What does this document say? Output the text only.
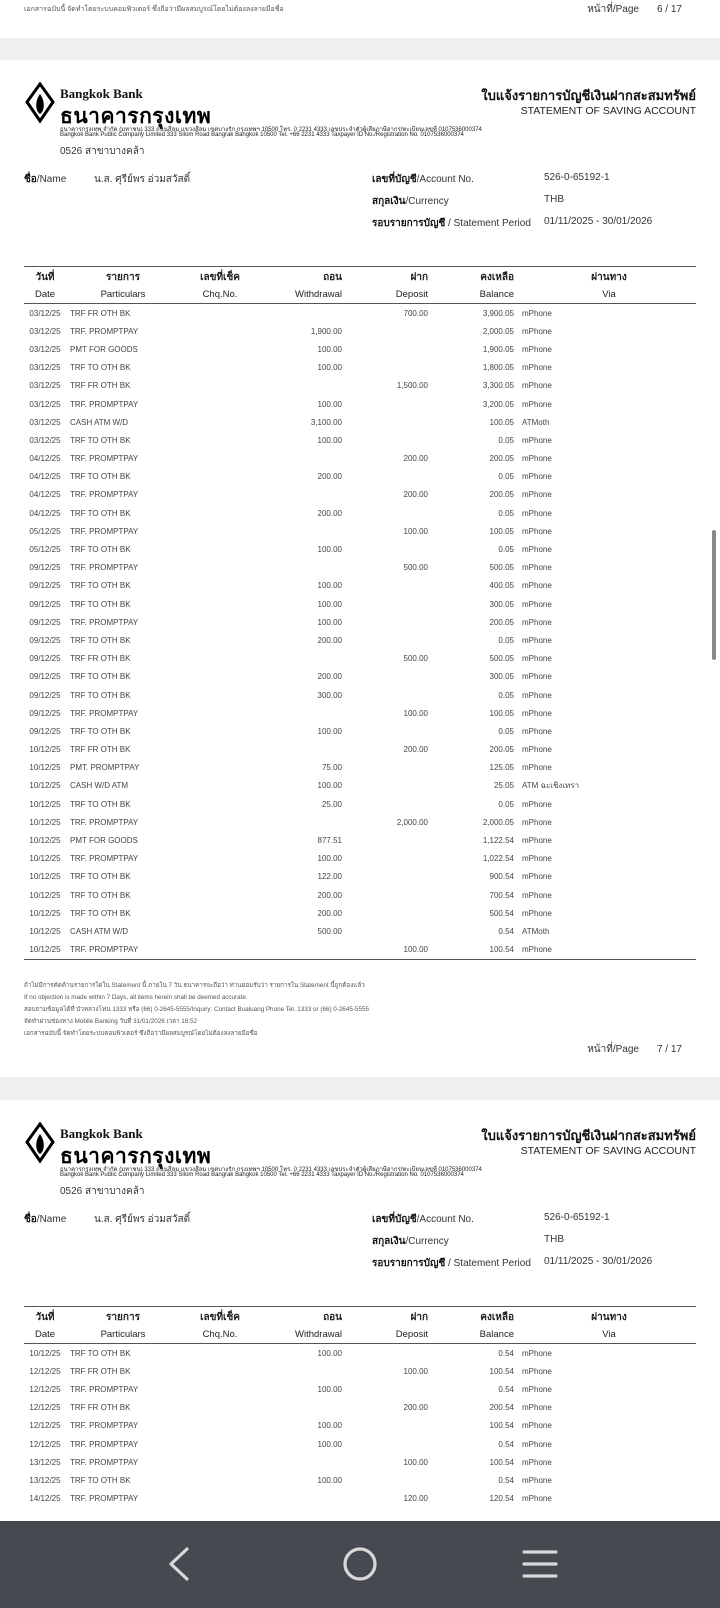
เอกสารฉบับนี้ จัดทำโดยระบบคอมพิวเตอร์ ซึ่งถือว่ามีผลสมบูรณ์โดยไม่ต้องลงลายมือชื่อ	หน้าที่/Page 6 / 17
Bangkok Bank
ธนาคารกรุงเทพ
ธนาคารกรุงเทพ จำกัด (มหาชน) 333 ถนนสีลม แขวงสีลม เขตบางรัก กรุงเทพฯ 10500 โทร. 0 2231 4333 เลขประจำตัวผู้เสียภาษีอากร/ทะเบียนเลขที่ 0107536000374
Bangkok Bank Public Company Limited 333 Silom Road Bangrak Bangkok 10500 Tel. +66 2231 4333 Taxpayer ID No./Registration No. 0107536000374
0526 สาขาบางคล้า
ใบแจ้งรายการบัญชีเงินฝากสะสมทรัพย์
STATEMENT OF SAVING ACCOUNT
ชื่อ/Name	น.ส. ศุรีย์พร อ่วมสวัสดิ์	เลขที่บัญชี/Account No.	526-0-65192-1
สกุลเงิน/Currency	THB
รอบรายการบัญชี / Statement Period 01/11/2025 - 30/01/2026
วันที่	รายการ	เลขที่เช็ค	ถอน	ฝาก	คงเหลือ	ผ่านทาง
Date	Particulars	Chq.No.	Withdrawal	Deposit	Balance	Via
03/12/25	TRF FR OTH BK			700.00	3,900.05	mPhone
03/12/25	TRF. PROMPTPAY		1,900.00		2,000.05	mPhone
03/12/25	PMT FOR GOODS		100.00		1,900.05	mPhone
03/12/25	TRF TO OTH BK		100.00		1,800.05	mPhone
03/12/25	TRF FR OTH BK			1,500.00	3,300.05	mPhone
03/12/25	TRF. PROMPTPAY		100.00		3,200.05	mPhone
03/12/25	CASH ATM W/D		3,100.00		100.05	ATMoth
03/12/25	TRF TO OTH BK		100.00		0.05	mPhone
04/12/25	TRF. PROMPTPAY			200.00	200.05	mPhone
04/12/25	TRF TO OTH BK		200.00		0.05	mPhone
04/12/25	TRF. PROMPTPAY			200.00	200.05	mPhone
04/12/25	TRF TO OTH BK		200.00		0.05	mPhone
05/12/25	TRF. PROMPTPAY			100.00	100.05	mPhone
05/12/25	TRF TO OTH BK		100.00		0.05	mPhone
09/12/25	TRF. PROMPTPAY			500.00	500.05	mPhone
09/12/25	TRF TO OTH BK		100.00		400.05	mPhone
09/12/25	TRF TO OTH BK		100.00		300.05	mPhone
09/12/25	TRF. PROMPTPAY		100.00		200.05	mPhone
09/12/25	TRF TO OTH BK		200.00		0.05	mPhone
09/12/25	TRF FR OTH BK			500.00	500.05	mPhone
09/12/25	TRF TO OTH BK		200.00		300.05	mPhone
09/12/25	TRF TO OTH BK		300.00		0.05	mPhone
09/12/25	TRF. PROMPTPAY			100.00	100.05	mPhone
09/12/25	TRF TO OTH BK		100.00		0.05	mPhone
10/12/25	TRF FR OTH BK			200.00	200.05	mPhone
10/12/25	PMT. PROMPTPAY		75.00		125.05	mPhone
10/12/25	CASH W/D ATM		100.00		25.05	ATM ฉะเชิงเทรา
10/12/25	TRF TO OTH BK		25.00		0.05	mPhone
10/12/25	TRF. PROMPTPAY			2,000.00	2,000.05	mPhone
10/12/25	PMT FOR GOODS		877.51		1,122.54	mPhone
10/12/25	TRF. PROMPTPAY		100.00		1,022.54	mPhone
10/12/25	TRF TO OTH BK		122.00		900.54	mPhone
10/12/25	TRF TO OTH BK		200.00		700.54	mPhone
10/12/25	TRF TO OTH BK		200.00		500.54	mPhone
10/12/25	CASH ATM W/D		500.00		0.54	ATMoth
10/12/25	TRF. PROMPTPAY			100.00	100.54	mPhone
ถ้าไม่มีการคัดค้านรายการใดใน Statement นี้ ภายใน 7 วัน ธนาคารจะถือว่า ท่านยอมรับว่า รายการใน Statement นี้ถูกต้องแล้ว
If no objection is made within 7 Days, all items herein shall be deemed accurate.
สอบถามข้อมูลได้ที่ บัวหลวงโฟน 1333 หรือ (66) 0-2645-5555/Inquiry: Contact Bualuang Phone Tel. 1333 or (66) 0-2645-5555
จัดทำผ่านช่องทาง Mobile Banking วันที่ 31/01/2026 เวลา 18:52
เอกสารฉบับนี้ จัดทำโดยระบบคอมพิวเตอร์ ซึ่งถือว่ามีผลสมบูรณ์โดยไม่ต้องลงลายมือชื่อ
หน้าที่/Page 7 / 17
Bangkok Bank
ธนาคารกรุงเทพ
ธนาคารกรุงเทพ จำกัด (มหาชน) 333 ถนนสีลม แขวงสีลม เขตบางรัก กรุงเทพฯ 10500 โทร. 0 2231 4333 เลขประจำตัวผู้เสียภาษีอากร/ทะเบียนเลขที่ 0107536000374
Bangkok Bank Public Company Limited 333 Silom Road Bangrak Bangkok 10500 Tel. +66 2231 4333 Taxpayer ID No./Registration No. 0107536000374
0526 สาขาบางคล้า
ใบแจ้งรายการบัญชีเงินฝากสะสมทรัพย์
STATEMENT OF SAVING ACCOUNT
ชื่อ/Name	น.ส. ศุรีย์พร อ่วมสวัสดิ์	เลขที่บัญชี/Account No.	526-0-65192-1
สกุลเงิน/Currency	THB
รอบรายการบัญชี / Statement Period 01/11/2025 - 30/01/2026
วันที่	รายการ	เลขที่เช็ค	ถอน	ฝาก	คงเหลือ	ผ่านทาง
Date	Particulars	Chq.No.	Withdrawal	Deposit	Balance	Via
10/12/25	TRF TO OTH BK		100.00		0.54	mPhone
12/12/25	TRF FR OTH BK			100.00	100.54	mPhone
12/12/25	TRF. PROMPTPAY		100.00		0.54	mPhone
12/12/25	TRF FR OTH BK			200.00	200.54	mPhone
12/12/25	TRF. PROMPTPAY		100.00		100.54	mPhone
12/12/25	TRF. PROMPTPAY		100.00		0.54	mPhone
13/12/25	TRF. PROMPTPAY			100.00	100.54	mPhone
13/12/25	TRF TO OTH BK		100.00		0.54	mPhone
14/12/25	TRF. PROMPTPAY			120.00	120.54	mPhone
